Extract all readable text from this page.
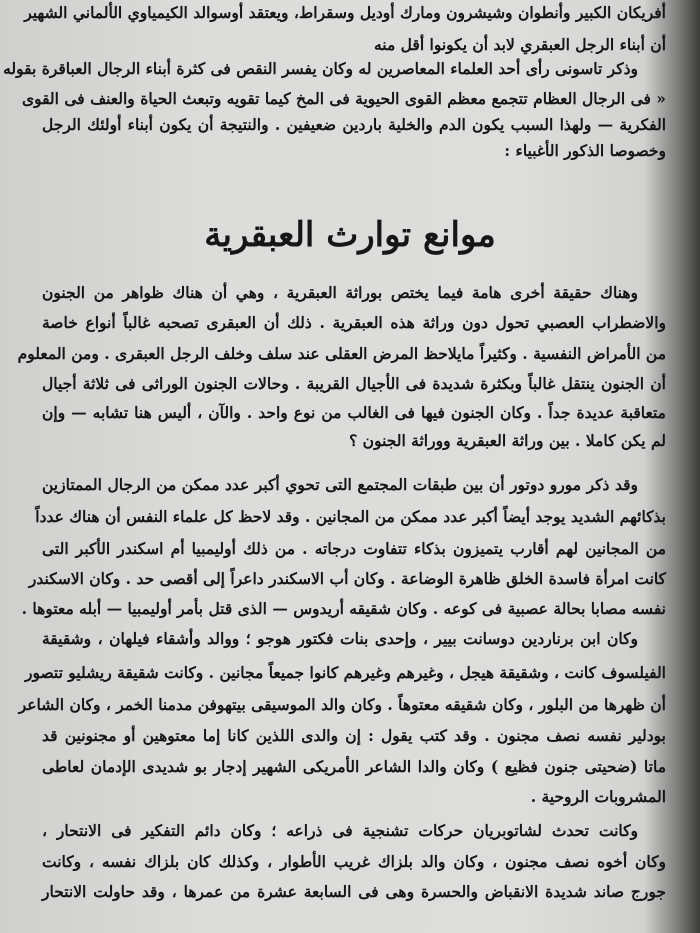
أفريكان الكبير وأنطوان وشيشرون ومارك أوديل وسقراط، ويعتقد أوسوالد الكيمياوي الألماني الشهير
أن أبناء الرجل العبقري لابد أن يكونوا أقل منه
وذكر تاسونى رأى أحد العلماء المعاصرين له وكان يفسر النقص فى كثرة أبناء الرجال العباقرة بقوله
« فى الرجال العظام تتجمع معظم القوى الحيوية فى المخ كيما تقويه وتبعث الحياة والعنف فى القوى
الفكرية — ولهذا السبب يكون الدم والخلية باردين ضعيفين . والنتيجة أن يكون أبناء أولئك الرجل
وخصوصا الذكور الأغبياء :
موانع توارث العبقرية
وهناك حقيقة أخرى هامة فيما يختص بوراثة العبقرية ، وهي أن هناك ظواهر من الجنون
والاضطراب العصبي تحول دون وراثة هذه العبقرية . ذلك أن العبقرى تصحبه غالباً أنواع خاصة
من الأمراض النفسية . وكثيراً مايلاحظ المرض العقلى عند سلف وخلف الرجل العبقرى . ومن المعلوم
أن الجنون ينتقل غالباً وبكثرة شديدة فى الأجيال القريبة . وحالات الجنون الوراثى فى ثلاثة أجيال
متعاقبة عديدة جداً . وكان الجنون فيها فى الغالب من نوع واحد . والآن ، أليس هنا تشابه — وإن
لم يكن كاملا . بين وراثة العبقرية ووراثة الجنون ؟
وقد ذكر مورو دوتور أن بين طبقات المجتمع التى تحوي أكبر عدد ممكن من الرجال الممتازين
بذكائهم الشديد يوجد أيضاً أكبر عدد ممكن من المجانين . وقد لاحظ كل علماء النفس أن هناك عدداً
من المجانين لهم أقارب يتميزون بذكاء تتفاوت درجاته . من ذلك أوليمبيا أم اسكندر الأكبر التى
كانت امرأة فاسدة الخلق ظاهرة الوضاعة . وكان أب الاسكندر داعراً إلى أقصى حد . وكان الاسكندر
نفسه مصابا بحالة عصبية فى كوعه . وكان شقيقه أريدوس — الذى قتل بأمر أوليمبيا — أبله معتوها .
وكان ابن برناردين دوسانت بيير ، وإحدى بنات فكتور هوجو ؛ ووالد وأشقاء فيلهان ، وشقيقة
الفيلسوف كانت ، وشقيقة هيجل ، وغيرهم وغيرهم كانوا جميعاً مجانين . وكانت شقيقة ريشليو تتصور
أن ظهرها من البلور ، وكان شقيقه معتوهاً . وكان والد الموسيقى بيتهوفن مدمنا الخمر ، وكان الشاعر
بودلير نفسه نصف مجنون . وقد كتب يقول : إن والدى اللذين كانا إما معتوهين أو مجنونين قد
ماتا (ضحيتى جنون فظيع ) وكان والدا الشاعر الأمريكى الشهير إدجار بو شديدى الإدمان لعاطى
المشروبات الروحية .
وكانت تحدث لشاتوبريان حركات تشنجية فى ذراعه ؛ وكان دائم التفكير فى الانتحار ،
وكان أخوه نصف مجنون ، وكان والد بلزاك غريب الأطوار ، وكذلك كان بلزاك نفسه ، وكانت
جورج صاند شديدة الانقباض والحسرة وهى فى السابعة عشرة من عمرها ، وقد حاولت الانتحار
